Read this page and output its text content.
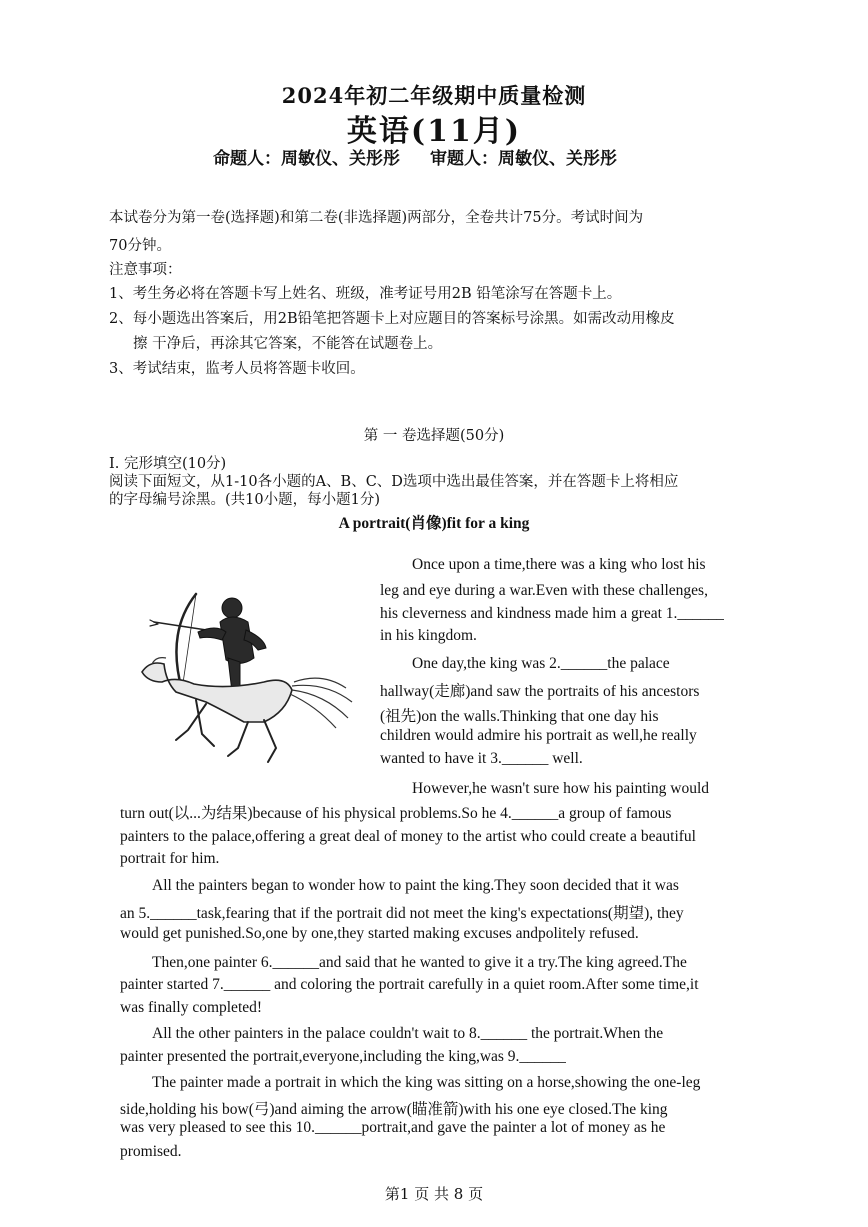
2024年初二年级期中质量检测
英语(11月)
命题人：周敏仪、关彤彤 审题人：周敏仪、关彤彤
本试卷分为第一卷(选择题)和第二卷(非选择题)两部分，全卷共计75分。考试时间为
70分钟。
注意事项：
1、考生务必将在答题卡写上姓名、班级，准考证号用2B 铅笔涂写在答题卡上。
2、每小题选出答案后，用2B铅笔把答题卡上对应题目的答案标号涂黑。如需改动用橡皮
擦 干净后，再涂其它答案，不能答在试题卷上。
3、考试结束，监考人员将答题卡收回。
第 一 卷选择题(50分)
I. 完形填空(10分)
阅读下面短文，从1-10各小题的A、B、C、D选项中选出最佳答案，并在答题卡上将相应
的字母编号涂黑。(共10小题，每小题1分)
A portrait(肖像)fit for a king
Once upon a time,there was a king who lost his
leg and eye during a war.Even with these challenges,
his cleverness and kindness made him a great 1.______
in his kingdom.
One day,the king was 2.______the palace
hallway(走廊)and saw the portraits of his ancestors
(祖先)on the walls.Thinking that one day his
children would admire his portrait as well,he really
wanted to have it 3.______ well.
However,he wasn't sure how his painting would
turn out(以...为结果)because of his physical problems.So he 4.______a group of famous
painters to the palace,offering a great deal of money to the artist who could create a beautiful
portrait for him.
All the painters began to wonder how to paint the king.They soon decided that it was
an 5.______task,fearing that if the portrait did not meet the king's expectations(期望), they
would get punished.So,one by one,they started making excuses andpolitely refused.
Then,one painter 6.______and said that he wanted to give it a try.The king agreed.The
painter started 7.______ and coloring the portrait carefully in a quiet room.After some time,it
was finally completed!
All the other painters in the palace couldn't wait to 8.______ the portrait.When the
painter presented the portrait,everyone,including the king,was 9.______
The painter made a portrait in which the king was sitting on a horse,showing the one-leg
side,holding his bow(弓)and aiming the arrow(瞄准箭)with his one eye closed.The king
was very pleased to see this 10.______portrait,and gave the painter a lot of money as he
promised.
第1 页 共 8 页
